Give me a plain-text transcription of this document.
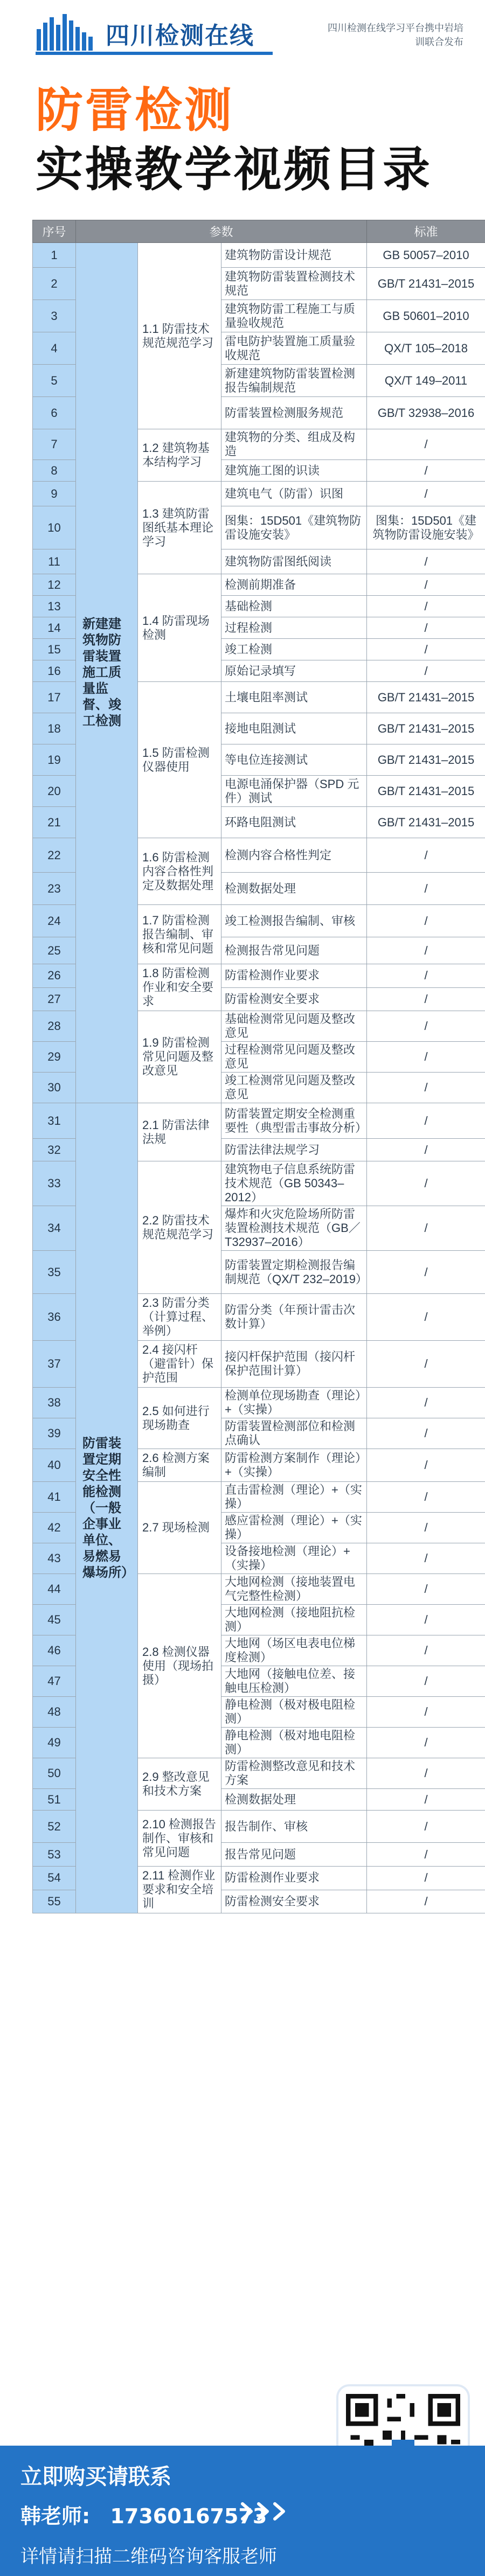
四川检测在线	四川检测在线学习平台携中岩培训联合发布
防雷检测
实操教学视频目录
序号	参数			标准
1	新建建筑物防雷装置施工质量监督、竣工检测	1.1 防雷技术规范规范学习	建筑物防雷设计规范	GB 50057–2010
2			建筑物防雷装置检测技术规范	GB/T 21431–2015
3			建筑物防雷工程施工与质量验收规范	GB 50601–2010
4			雷电防护装置施工质量验收规范	QX/T 105–2018
5			新建建筑物防雷装置检测报告编制规范	QX/T 149–2011
6			防雷装置检测服务规范	GB/T 32938–2016
7		1.2 建筑物基本结构学习	建筑物的分类、组成及构造	/
8			建筑施工图的识读	/
9		1.3 建筑防雷图纸基本理论学习	建筑电气（防雷）识图	/
10			图集：15D501《建筑物防雷设施安装》	图集：15D501《建筑物防雷设施安装》
11			建筑物防雷图纸阅读	/
12		1.4 防雷现场检测	检测前期准备	/
13			基础检测	/
14			过程检测	/
15			竣工检测	/
16			原始记录填写	/
17		1.5 防雷检测仪器使用	土壤电阻率测试	GB/T 21431–2015
18			接地电阻测试	GB/T 21431–2015
19			等电位连接测试	GB/T 21431–2015
20			电源电涌保护器（SPD 元件）测试	GB/T 21431–2015
21			环路电阻测试	GB/T 21431–2015
22		1.6 防雷检测内容合格性判定及数据处理	检测内容合格性判定	/
23			检测数据处理	/
24		1.7 防雷检测报告编制、审核和常见问题	竣工检测报告编制、审核	/
25			检测报告常见问题	/
26		1.8 防雷检测作业和安全要求	防雷检测作业要求	/
27			防雷检测安全要求	/
28		1.9 防雷检测常见问题及整改意见	基础检测常见问题及整改意见	/
29			过程检测常见问题及整改意见	/
30			竣工检测常见问题及整改意见	/
31	防雷装置定期安全性能检测（一般企事业单位、易燃易爆场所）	2.1 防雷法律法规	防雷装置定期安全检测重要性（典型雷击事故分析）	/
32			防雷法律法规学习	/
33		2.2 防雷技术规范规范学习	建筑物电子信息系统防雷技术规范（GB 50343–2012）	/
34			爆炸和火灾危险场所防雷装置检测技术规范（GB／T32937–2016）	/
35			防雷装置定期检测报告编制规范（QX/T 232–2019）	/
36		2.3 防雷分类（计算过程、举例）	防雷分类（年预计雷击次数计算）	/
37		2.4 接闪杆（避雷针）保护范围	接闪杆保护范围（接闪杆保护范围计算）	/
38		2.5 如何进行现场勘查	检测单位现场勘查（理论）+（实操）	/
39			防雷装置检测部位和检测点确认	/
40		2.6 检测方案编制	防雷检测方案制作（理论）+（实操）	/
41		2.7 现场检测	直击雷检测（理论）+（实操）	/
42			感应雷检测（理论）+（实操）	/
43			设备接地检测（理论）+（实操）	/
44		2.8 检测仪器使用（现场拍摄）	大地网检测（接地装置电气完整性检测）	/
45			大地网检测（接地阻抗检测）	/
46			大地网（场区电表电位梯度检测）	/
47			大地网（接触电位差、接触电压检测）	/
48			静电检测（极对极电阻检测）	/
49			静电检测（极对地电阻检测）	/
50		2.9 整改意见和技术方案	防雷检测整改意见和技术方案	/
51			检测数据处理	/
52		2.10 检测报告制作、审核和常见问题	报告制作、审核	/
53			报告常见问题	/
54		2.11 检测作业要求和安全培训	防雷检测作业要求	/
55			防雷检测安全要求	/
立即购买请联系
韩老师: 17360167573
详情请扫描二维码咨询客服老师
